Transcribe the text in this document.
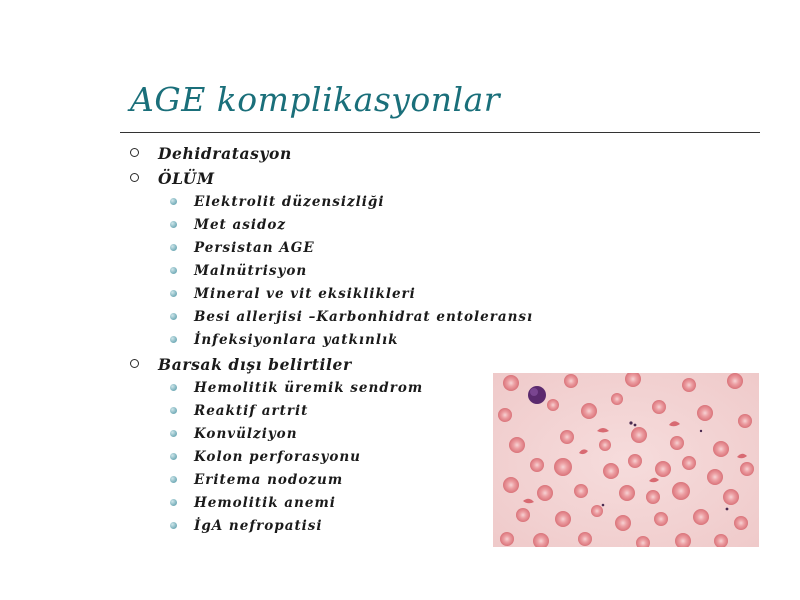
AGE komplikasyonlar
Dehidratasyon
ÖLÜM
Elektrolit düzensizliği
Met asidoz
Persistan AGE
Malnütrisyon
Mineral ve vit eksiklikleri
Besi allerjisi –Karbonhidrat entoleransı
İnfeksiyonlara yatkınlık
Barsak dışı belirtiler
Hemolitik üremik sendrom
Reaktif artrit
Konvülziyon
Kolon perforasyonu
Eritema nodozum
Hemolitik anemi
İgA nefropatisi
